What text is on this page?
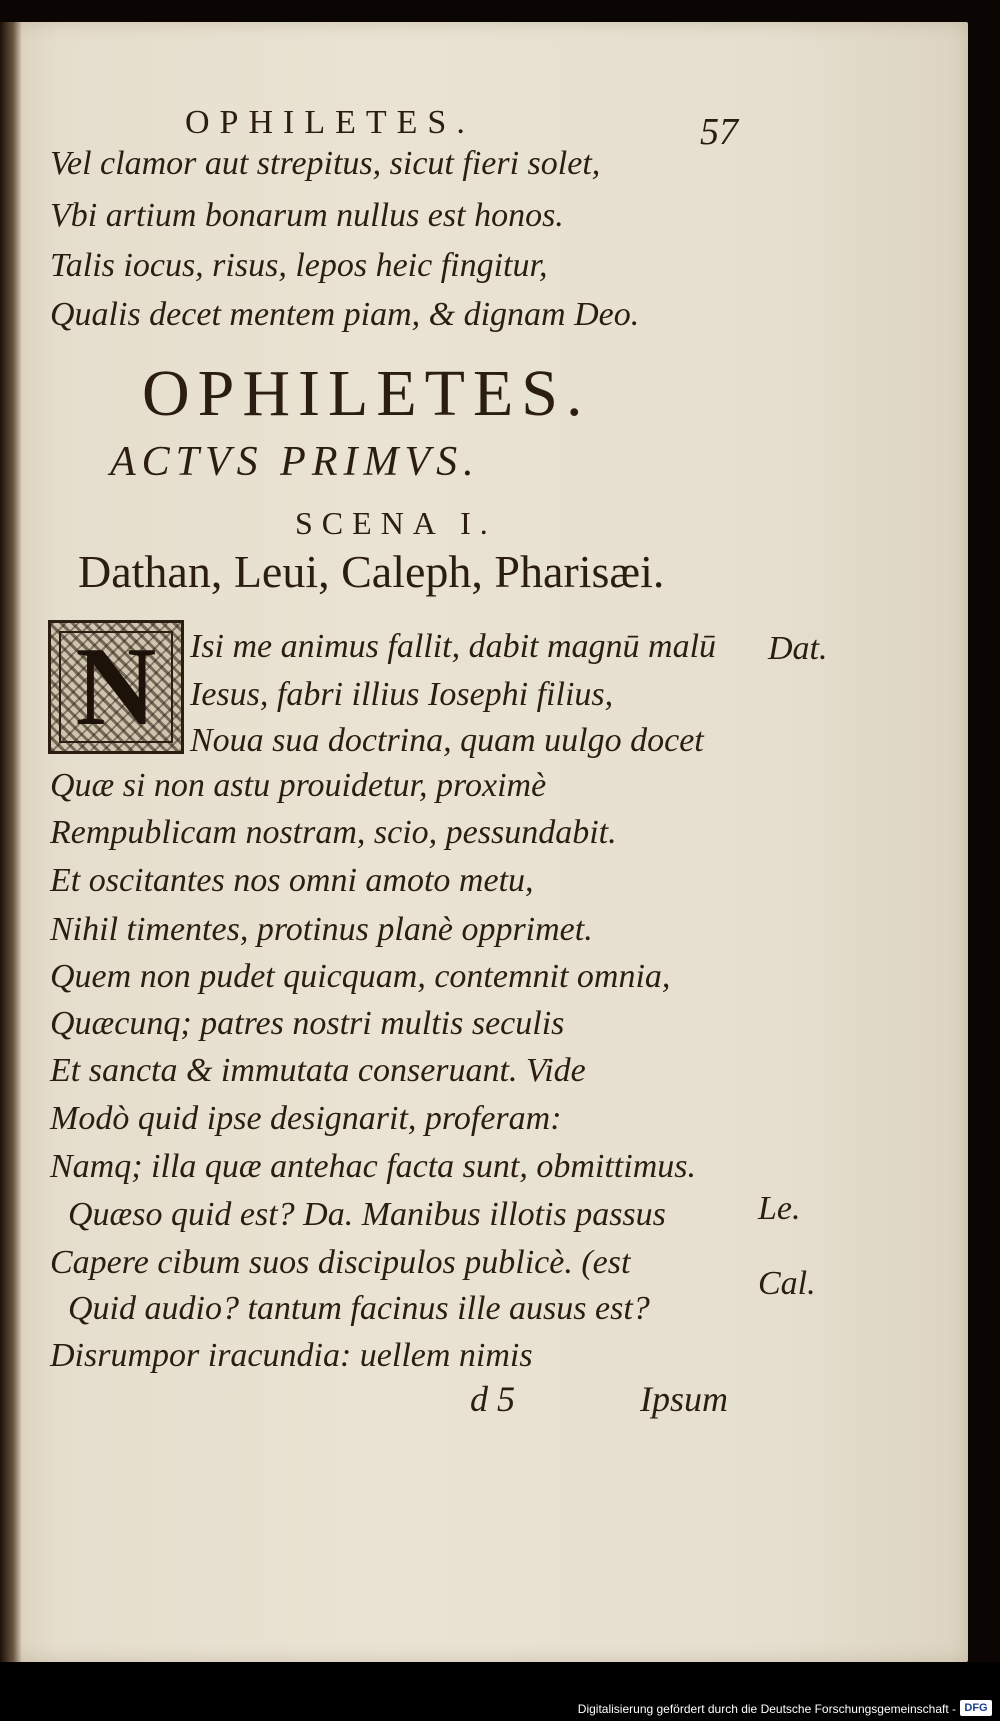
OPHILETES.	57
Vel clamor aut strepitus, sicut fieri solet,
Vbi artium bonarum nullus est honos.
Talis iocus, risus, lepos heic fingitur,
Qualis decet mentem piam, & dignam Deo.
OPHILETES.
ACTVS PRIMVS.
SCENA I.
Dathan, Leui, Caleph, Pharisæi.
N Isi me animus fallit, dabit magnū malū
Iesus, fabri illius Iosephi filius,
Noua sua doctrina, quam uulgo docet
Quæ si non astu prouidetur, proximè
Rempublicam nostram, scio, pessundabit.
Et oscitantes nos omni amoto metu,
Nihil timentes, protinus planè opprimet.
Quem non pudet quicquam, contemnit omnia,
Quæcunq; patres nostri multis seculis
Et sancta & immutata conseruant. Vide
Modò quid ipse designarit, proferam:
Namq; illa quæ antehac facta sunt, obmittimus.
Quæso quid est? Da. Manibus illotis passus
Capere cibum suos discipulos publicè. (est
Quid audio? tantum facinus ille ausus est?
Disrumpor iracundia: uellem nimis
Dat.
Le.
Cal.
d 5	Ipsum
Digitalisierung gefördert durch die Deutsche Forschungsgemeinschaft - DFG
